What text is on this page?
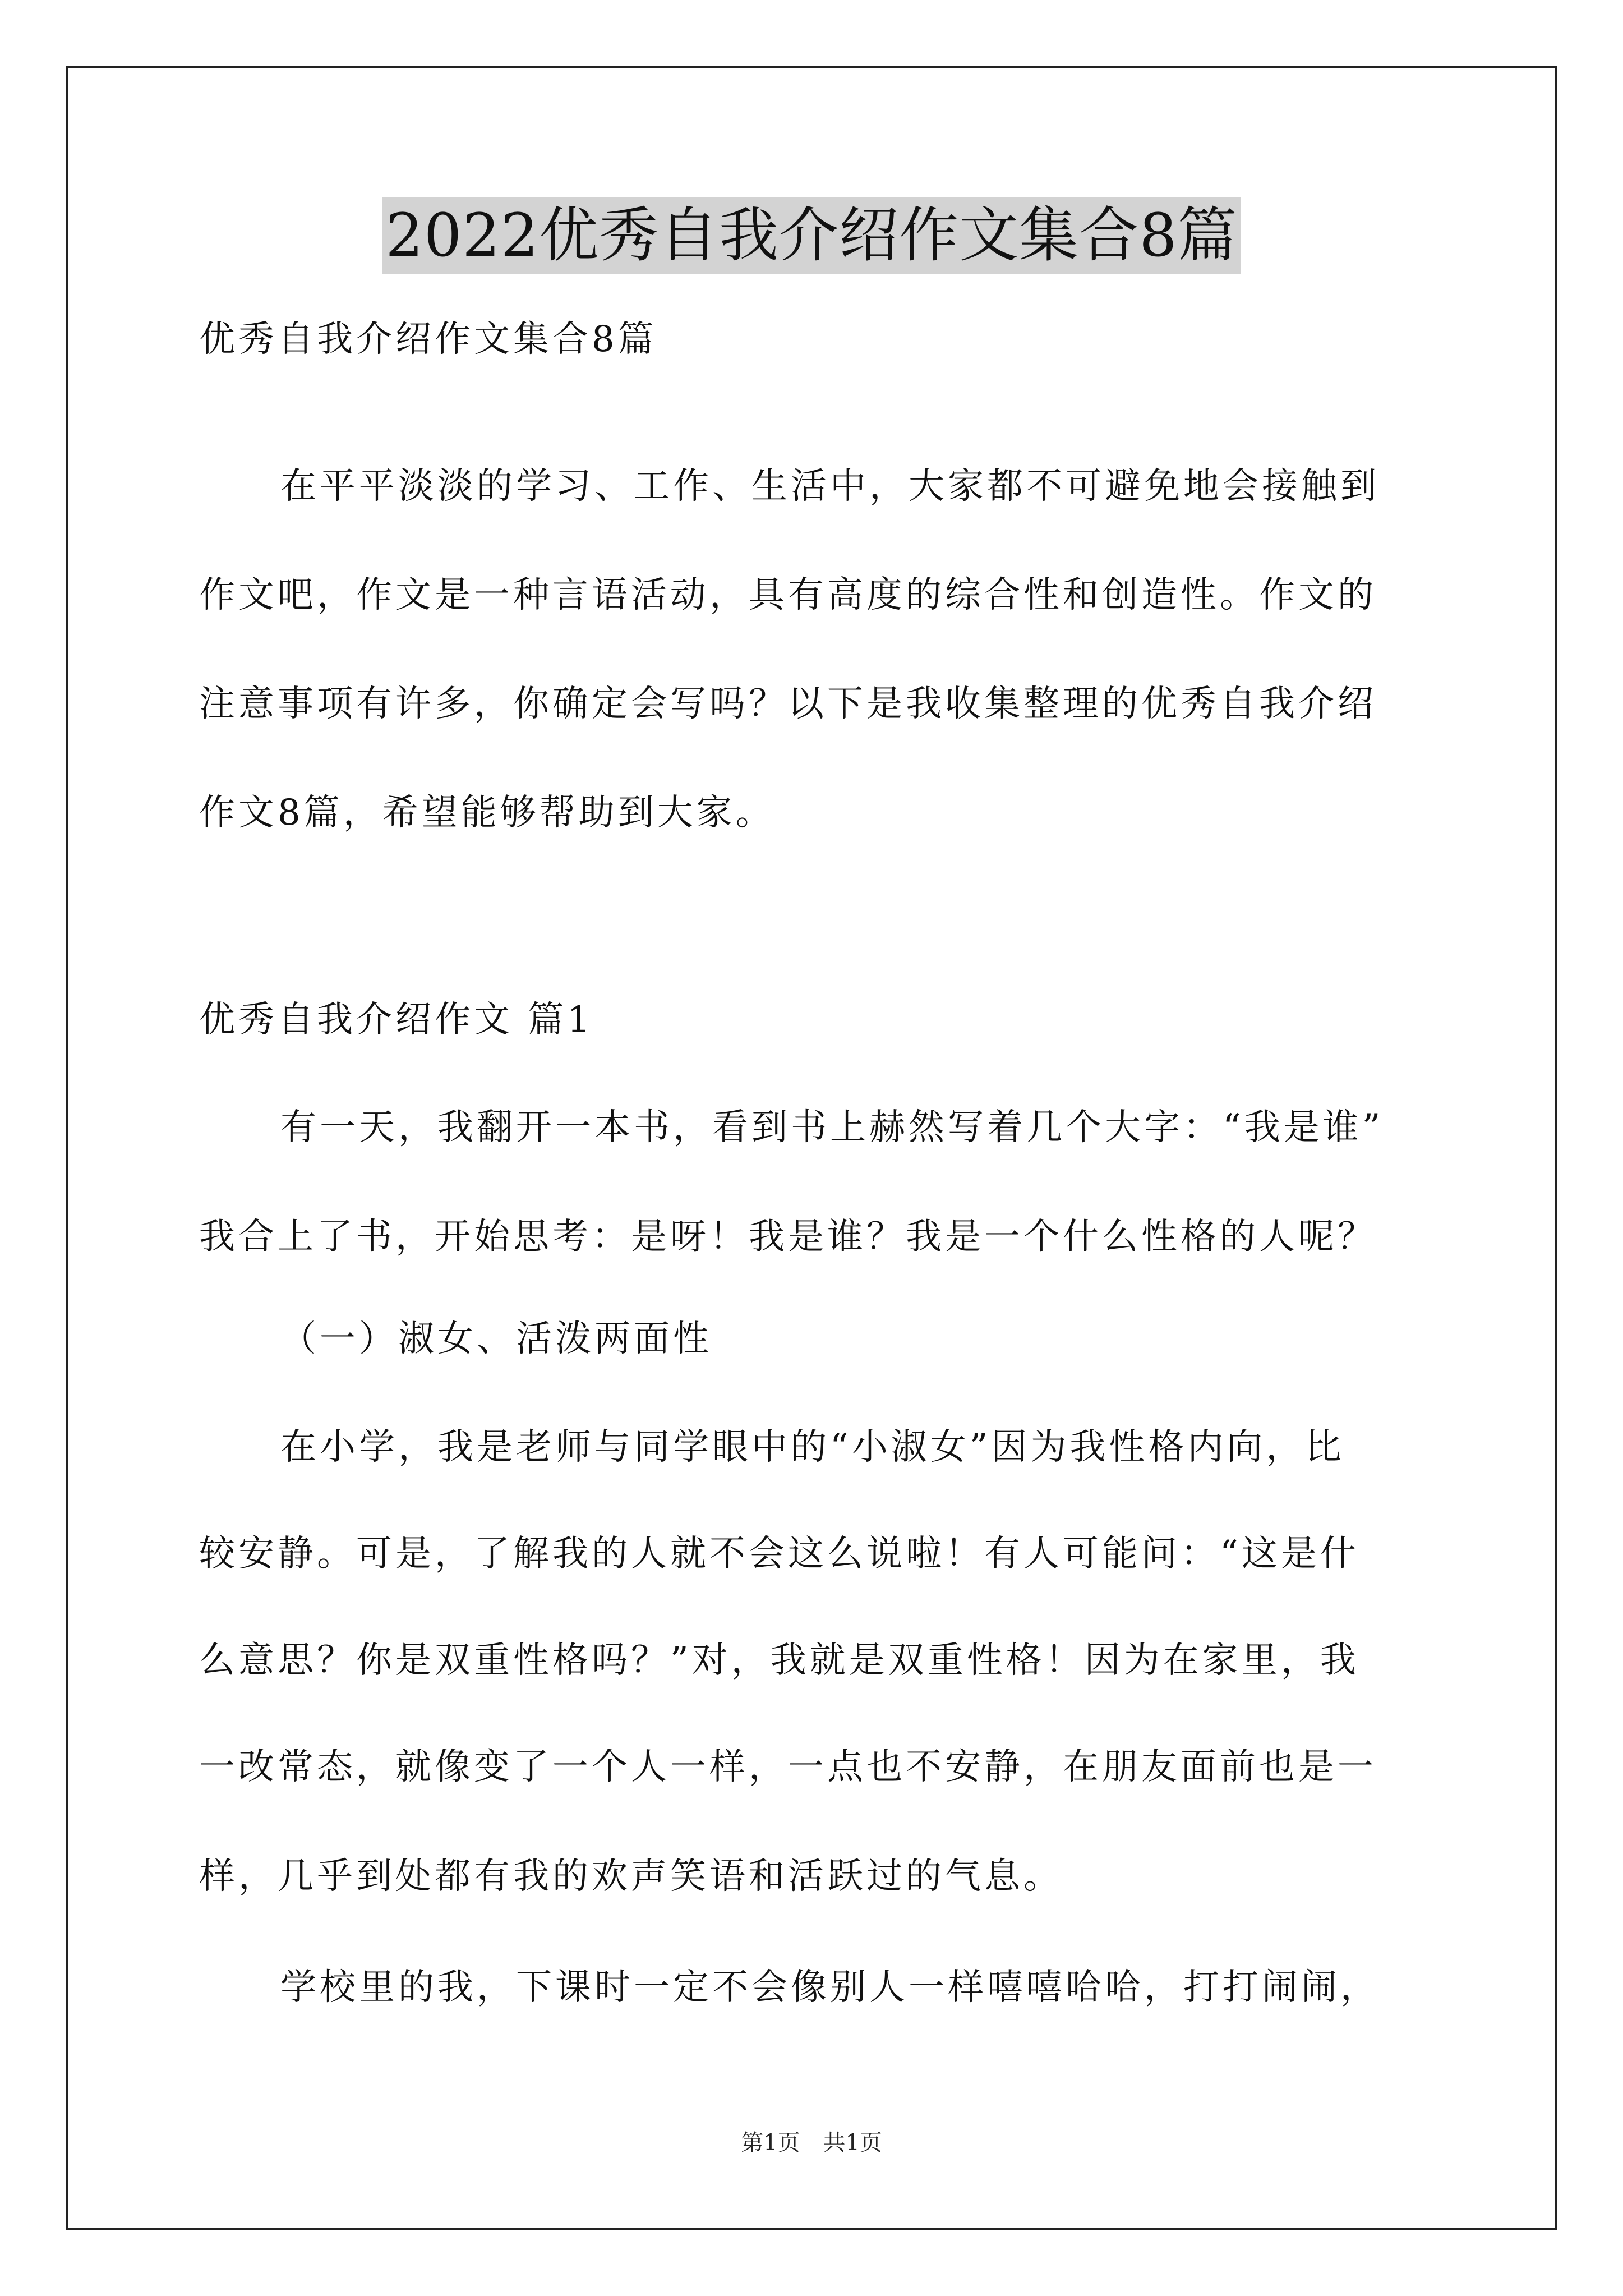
2022优秀自我介绍作文集合8篇
优秀自我介绍作文集合8篇
在平平淡淡的学习、工作、生活中，大家都不可避免地会接触到
作文吧，作文是一种言语活动，具有高度的综合性和创造性。作文的
注意事项有许多，你确定会写吗？以下是我收集整理的优秀自我介绍
作文8篇，希望能够帮助到大家。
优秀自我介绍作文 篇1
有一天，我翻开一本书，看到书上赫然写着几个大字：“我是谁”
我合上了书，开始思考：是呀！我是谁？我是一个什么性格的人呢？
（一）淑女、活泼两面性
在小学，我是老师与同学眼中的“小淑女”因为我性格内向，比
较安静。可是，了解我的人就不会这么说啦！有人可能问：“这是什
么意思？你是双重性格吗？”对，我就是双重性格！因为在家里，我
一改常态，就像变了一个人一样，一点也不安静，在朋友面前也是一
样，几乎到处都有我的欢声笑语和活跃过的气息。
学校里的我，下课时一定不会像别人一样嘻嘻哈哈，打打闹闹，
第1页 共1页
